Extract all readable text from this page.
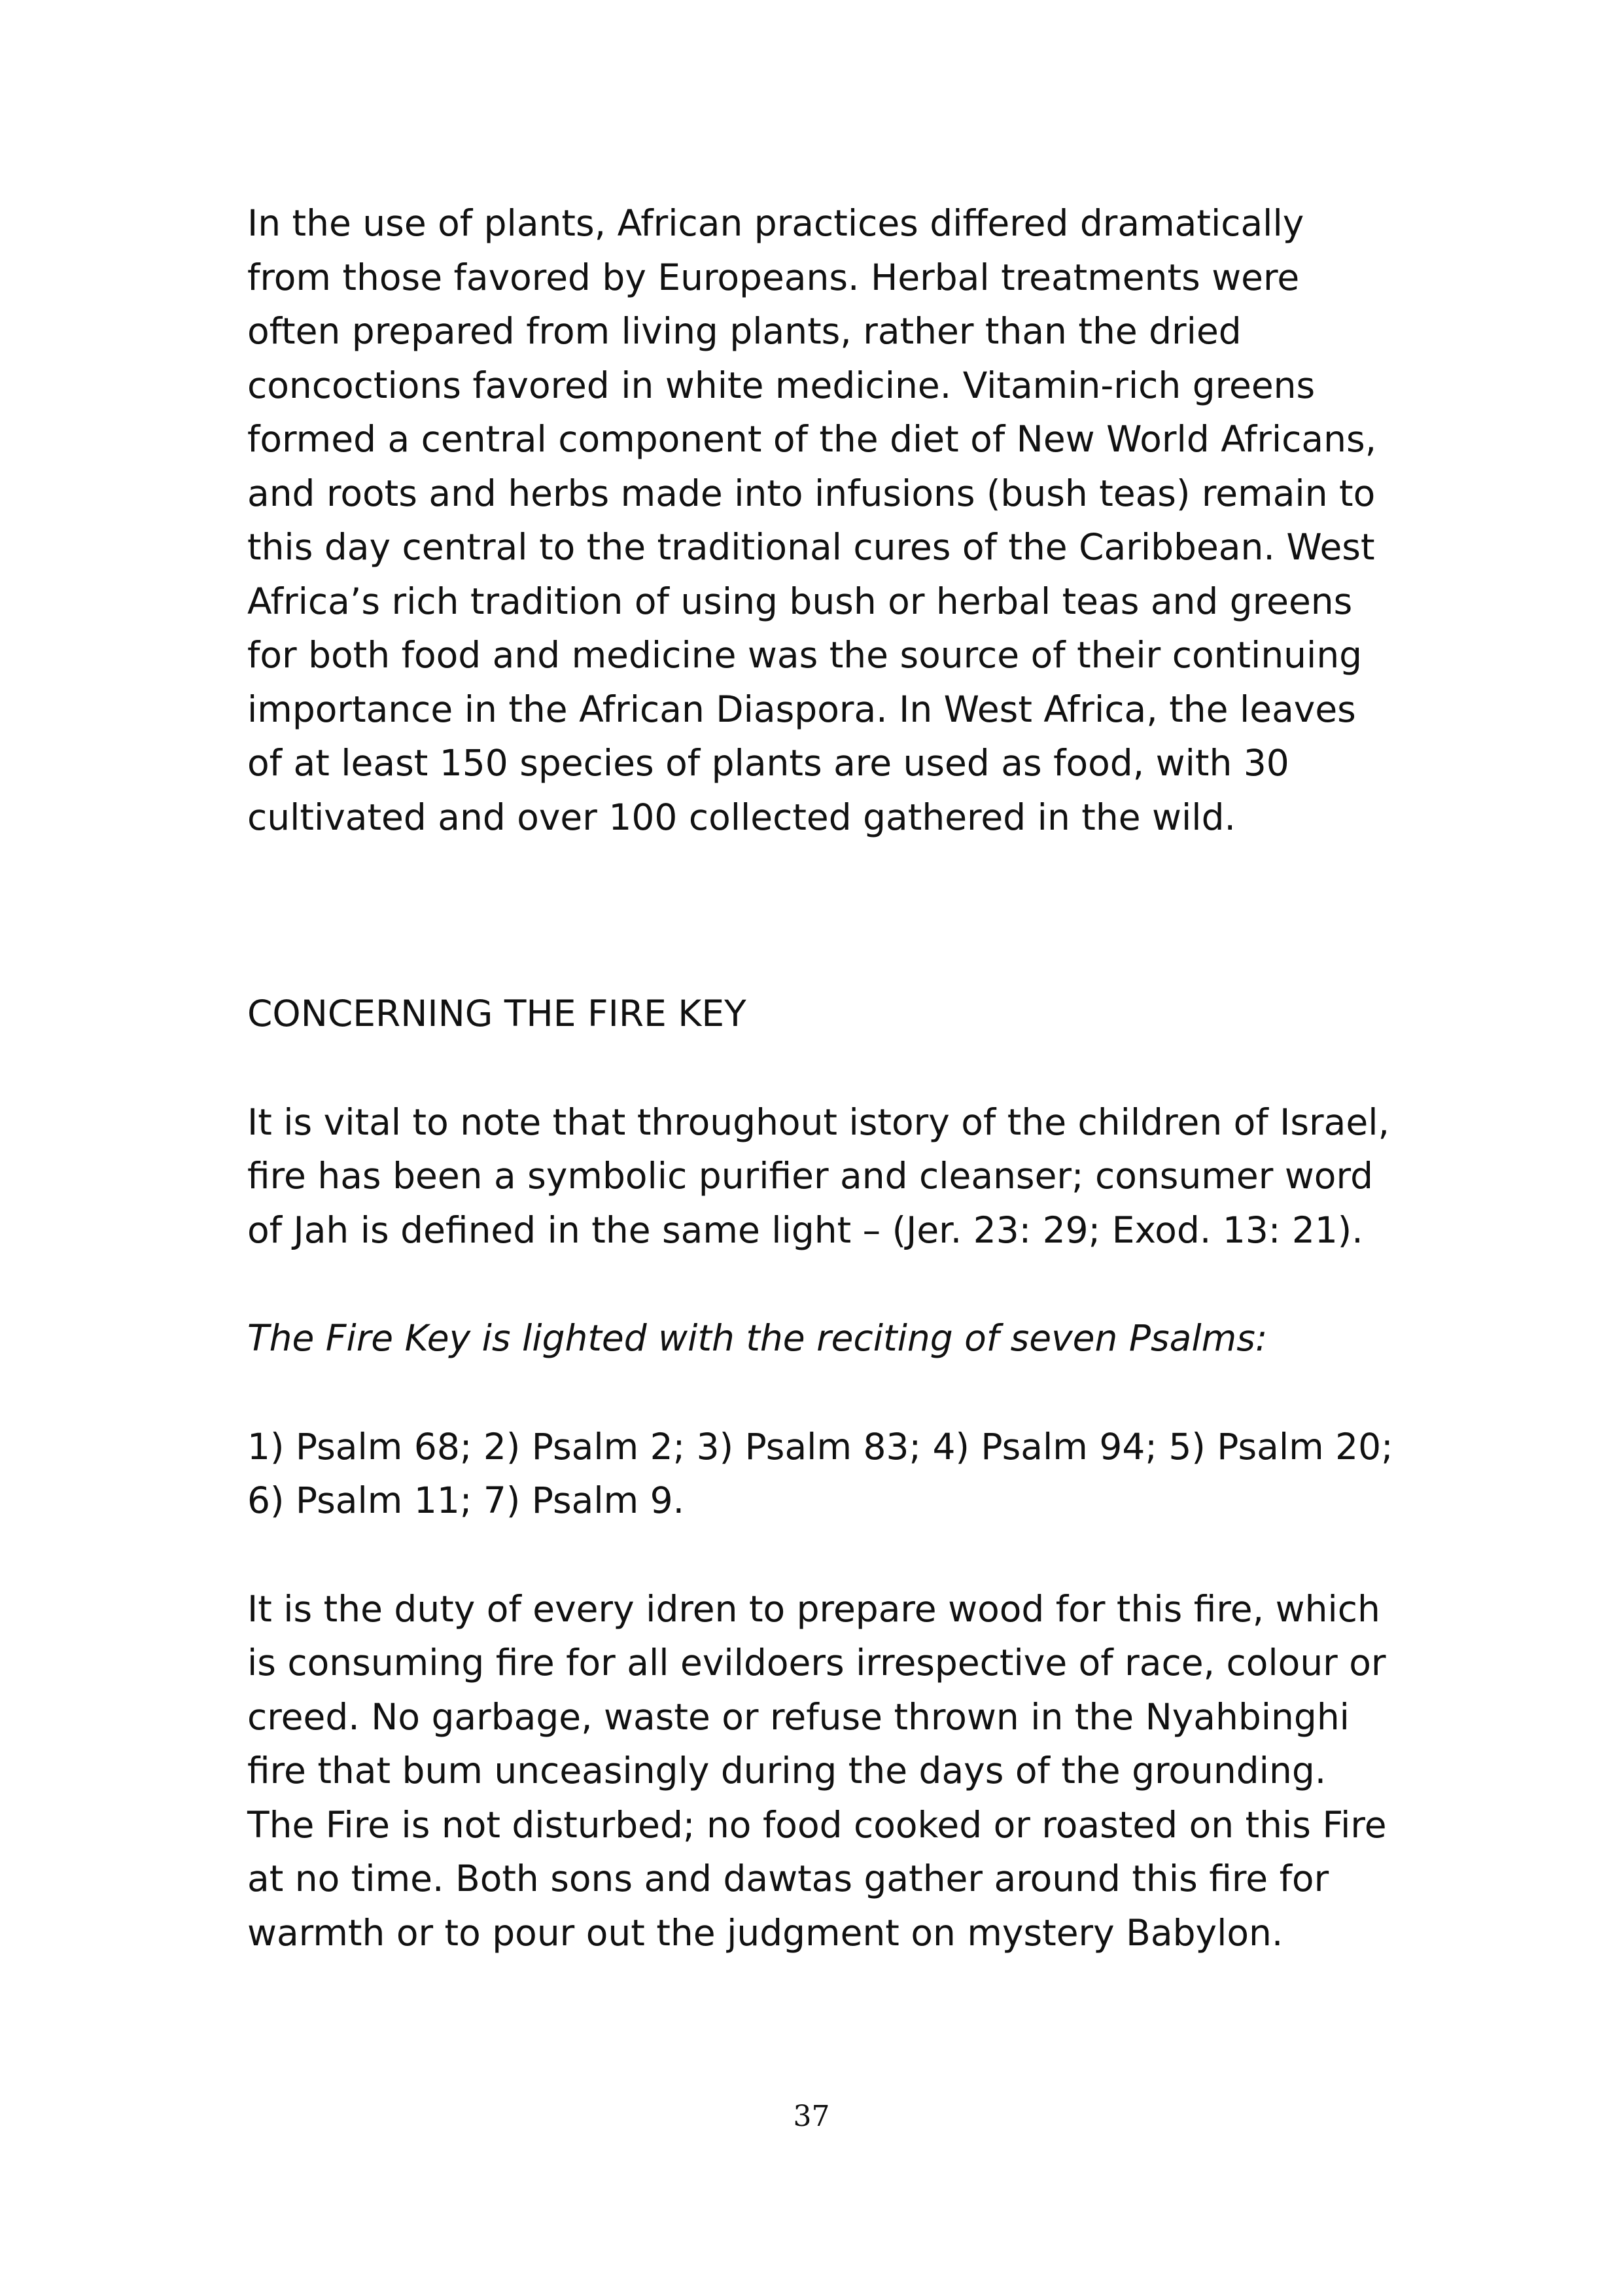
In the use of plants, African practices differed dramatically from those favored by Europeans. Herbal treatments were often prepared from living plants, rather than the dried concoctions favored in white medicine. Vitamin-rich greens formed a central component of the diet of New World Africans, and roots and herbs made into infusions (bush teas) remain to this day central to the traditional cures of the Caribbean. West Africa’s rich tradition of using bush or herbal teas and greens for both food and medicine was the source of their continuing importance in the African Diaspora. In West Africa, the leaves of at least 150 species of plants are used as food, with 30 cultivated and over 100 collected gathered in the wild.

CONCERNING THE FIRE KEY

It is vital to note that throughout istory of the children of Israel, fire has been a symbolic purifier and cleanser; consumer word of Jah is defined in the same light – (Jer. 23: 29; Exod. 13: 21).

The Fire Key is lighted with the reciting of seven Psalms:

1) Psalm 68; 2) Psalm 2; 3) Psalm 83; 4) Psalm 94; 5) Psalm 20; 6) Psalm 11; 7) Psalm 9.

It is the duty of every idren to prepare wood for this fire, which is consuming fire for all evildoers irrespective of race, colour or creed. No garbage, waste or refuse thrown in the Nyahbinghi fire that bum unceasingly during the days of the grounding. The Fire is not disturbed; no food cooked or roasted on this Fire at no time. Both sons and dawtas gather around this fire for warmth or to pour out the judgment on mystery Babylon.

37
